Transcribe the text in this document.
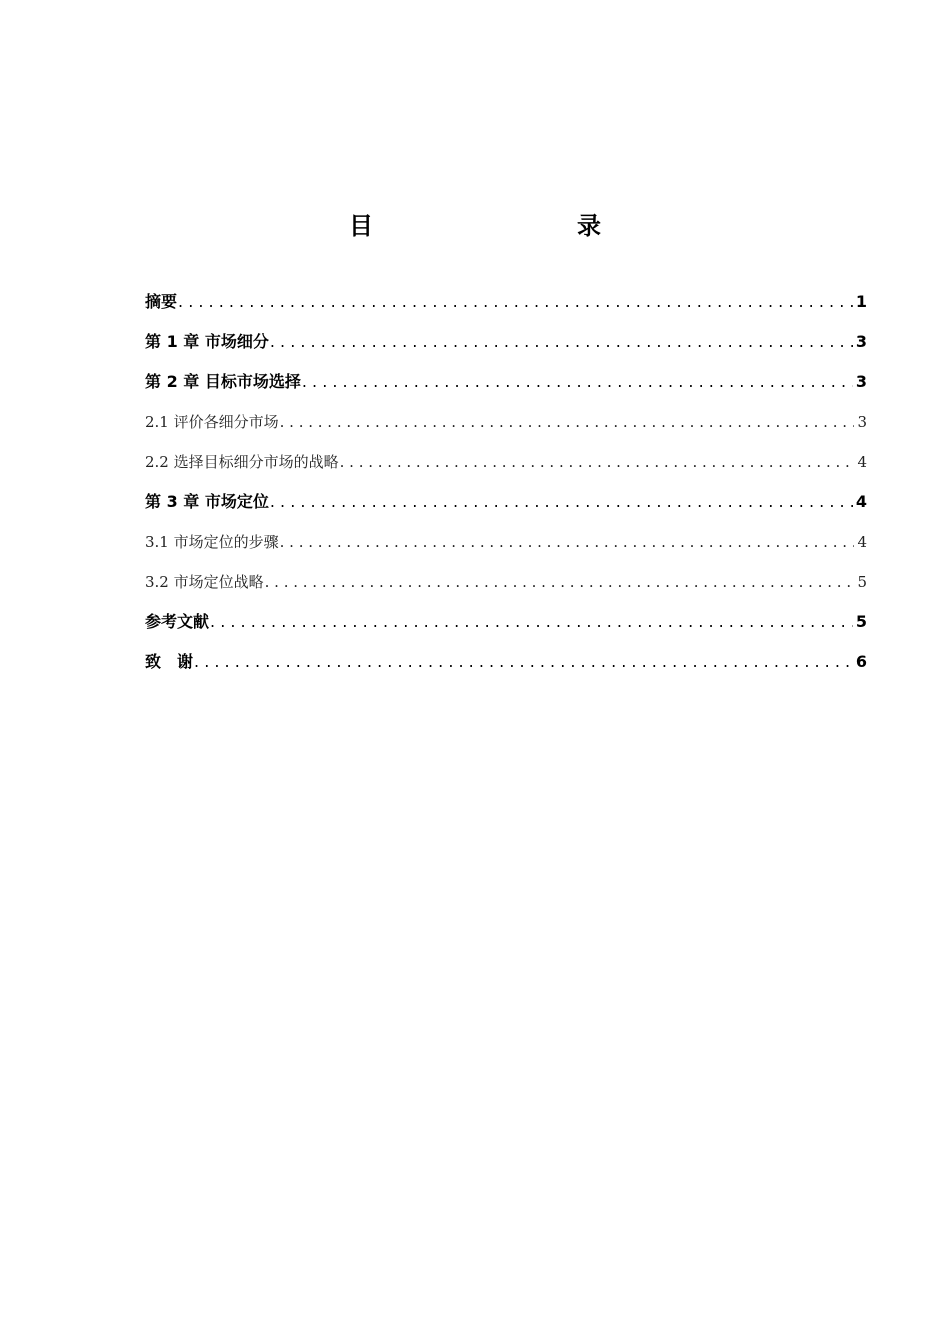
目　　录
摘要 . . .	1
第 1 章 市场细分 . . .	3
第 2 章 目标市场选择 . . .	3
2.1 评价各细分市场 . . .	3
2.2 选择目标细分市场的战略 . . .	4
第 3 章 市场定位 . . .	4
3.1 市场定位的步骤 . . .	4
3.2 市场定位战略 . . .	5
参考文献 . . .	5
致　谢 . . .	6
